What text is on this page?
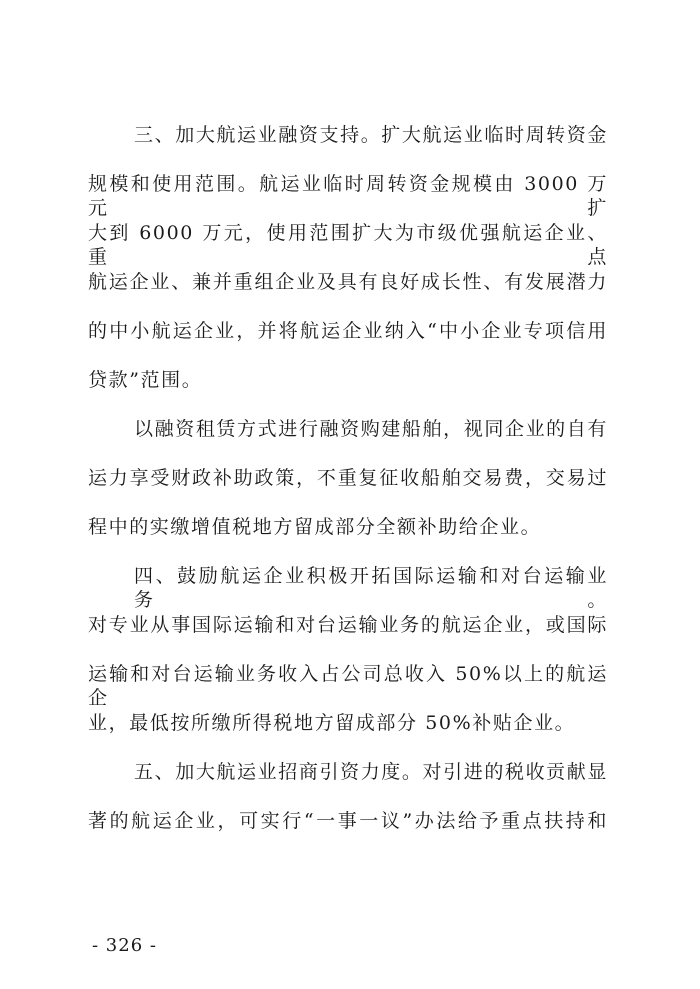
三、加大航运业融资支持。扩大航运业临时周转资金
规模和使用范围。航运业临时周转资金规模由 3000 万元扩
大到 6000 万元，使用范围扩大为市级优强航运企业、重点
航运企业、兼并重组企业及具有良好成长性、有发展潜力
的中小航运企业，并将航运企业纳入“中小企业专项信用
贷款”范围。
以融资租赁方式进行融资购建船舶，视同企业的自有
运力享受财政补助政策，不重复征收船舶交易费，交易过
程中的实缴增值税地方留成部分全额补助给企业。
四、鼓励航运企业积极开拓国际运输和对台运输业务。
对专业从事国际运输和对台运输业务的航运企业，或国际
运输和对台运输业务收入占公司总收入 50%以上的航运企
业，最低按所缴所得税地方留成部分 50%补贴企业。
五、加大航运业招商引资力度。对引进的税收贡献显
著的航运企业，可实行“一事一议”办法给予重点扶持和
- 326 -
